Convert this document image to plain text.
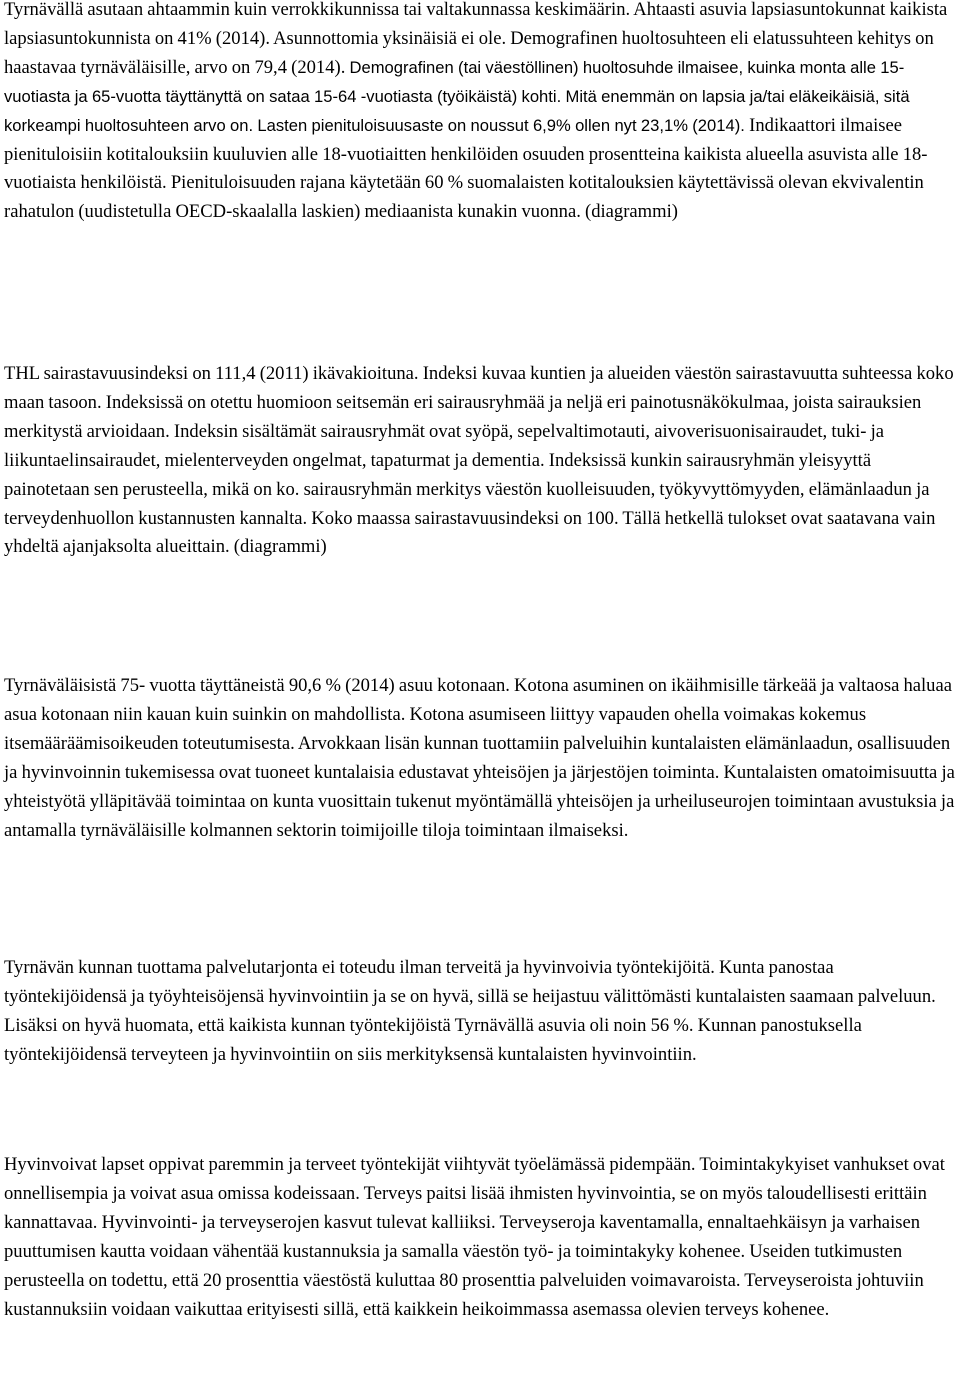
Tyrnävällä asutaan ahtaammin kuin verrokkikunnissa tai valtakunnassa keskimäärin. Ahtaasti asuvia lapsiasuntokunnat kaikista lapsiasuntokunnista on 41% (2014). Asunnottomia yksinäisiä ei ole. Demografinen huoltosuhteen eli elatussuhteen kehitys on haastavaa tyrnäväläisille, arvo on 79,4 (2014). Demografinen (tai väestöllinen) huoltosuhde ilmaisee, kuinka monta alle 15-vuotiasta ja 65-vuotta täyttänyttä on sataa 15-64 -vuotiasta (työikäistä) kohti. Mitä enemmän on lapsia ja/tai eläkeikäisiä, sitä korkeampi huoltosuhteen arvo on. Lasten pienituloisuusaste on noussut 6,9% ollen nyt 23,1% (2014). Indikaattori ilmaisee pienituloisiin kotitalouksiin kuuluvien alle 18-vuotiaitten henkilöiden osuuden prosentteina kaikista alueella asuvista alle 18-vuotiaista henkilöistä. Pienituloisuuden rajana käytetään 60 % suomalaisten kotitalouksien käytettävissä olevan ekvivalentin rahatulon (uudistetulla OECD-skaalalla laskien) mediaanista kunakin vuonna. (diagrammi)

THL sairastavuusindeksi on 111,4 (2011) ikävakioituna. Indeksi kuvaa kuntien ja alueiden väestön sairastavuutta suhteessa koko maan tasoon. Indeksissä on otettu huomioon seitsemän eri sairausryhmää ja neljä eri painotusnäkökulmaa, joista sairauksien merkitystä arvioidaan. Indeksin sisältämät sairausryhmät ovat syöpä, sepelvaltimotauti, aivoverisuonisairaudet, tuki- ja liikuntaelinsairaudet, mielenterveyden ongelmat, tapaturmat ja dementia. Indeksissä kunkin sairausryhmän yleisyyttä painotetaan sen perusteella, mikä on ko. sairausryhmän merkitys väestön kuolleisuuden, työkyvyttömyyden, elämänlaadun ja terveydenhuollon kustannusten kannalta. Koko maassa sairastavuusindeksi on 100. Tällä hetkellä tulokset ovat saatavana vain yhdeltä ajanjaksolta alueittain. (diagrammi)

Tyrnäväläisistä 75- vuotta täyttäneistä 90,6 % (2014) asuu kotonaan. Kotona asuminen on ikäihmisille tärkeää ja valtaosa haluaa asua kotonaan niin kauan kuin suinkin on mahdollista. Kotona asumiseen liittyy vapauden ohella voimakas kokemus itsemääräämisoikeuden toteutumisesta. Arvokkaan lisän kunnan tuottamiin palveluihin kuntalaisten elämänlaadun, osallisuuden ja hyvinvoinnin tukemisessa ovat tuoneet kuntalaisia edustavat yhteisöjen ja järjestöjen toiminta. Kuntalaisten omatoimisuutta ja yhteistyötä ylläpitävää toimintaa on kunta vuosittain tukenut myöntämällä yhteisöjen ja urheiluseurojen toimintaan avustuksia ja antamalla tyrnäväläisille kolmannen sektorin toimijoille tiloja toimintaan ilmaiseksi.

Tyrnävän kunnan tuottama palvelutarjonta ei toteudu ilman terveitä ja hyvinvoivia työntekijöitä. Kunta panostaa työntekijöidensä ja työyhteisöjensä hyvinvointiin ja se on hyvä, sillä se heijastuu välittömästi kuntalaisten saamaan palveluun. Lisäksi on hyvä huomata, että kaikista kunnan työntekijöistä Tyrnävällä asuvia oli noin 56 %. Kunnan panostuksella työntekijöidensä terveyteen ja hyvinvointiin on siis merkityksensä kuntalaisten hyvinvointiin.

Hyvinvoivat lapset oppivat paremmin ja terveet työntekijät viihtyvät työelämässä pidempään. Toimintakykyiset vanhukset ovat onnellisempia ja voivat asua omissa kodeissaan. Terveys paitsi lisää ihmisten hyvinvointia, se on myös taloudellisesti erittäin kannattavaa. Hyvinvointi- ja terveyserojen kasvut tulevat kalliiksi. Terveyseroja kaventamalla, ennaltaehkäisyn ja varhaisen puuttumisen kautta voidaan vähentää kustannuksia ja samalla väestön työ- ja toimintakyky kohenee. Useiden tutkimusten perusteella on todettu, että 20 prosenttia väestöstä kuluttaa 80 prosenttia palveluiden voimavaroista. Terveyseroista johtuviin kustannuksiin voidaan vaikuttaa erityisesti sillä, että kaikkein heikoimmassa asemassa olevien terveys kohenee.
